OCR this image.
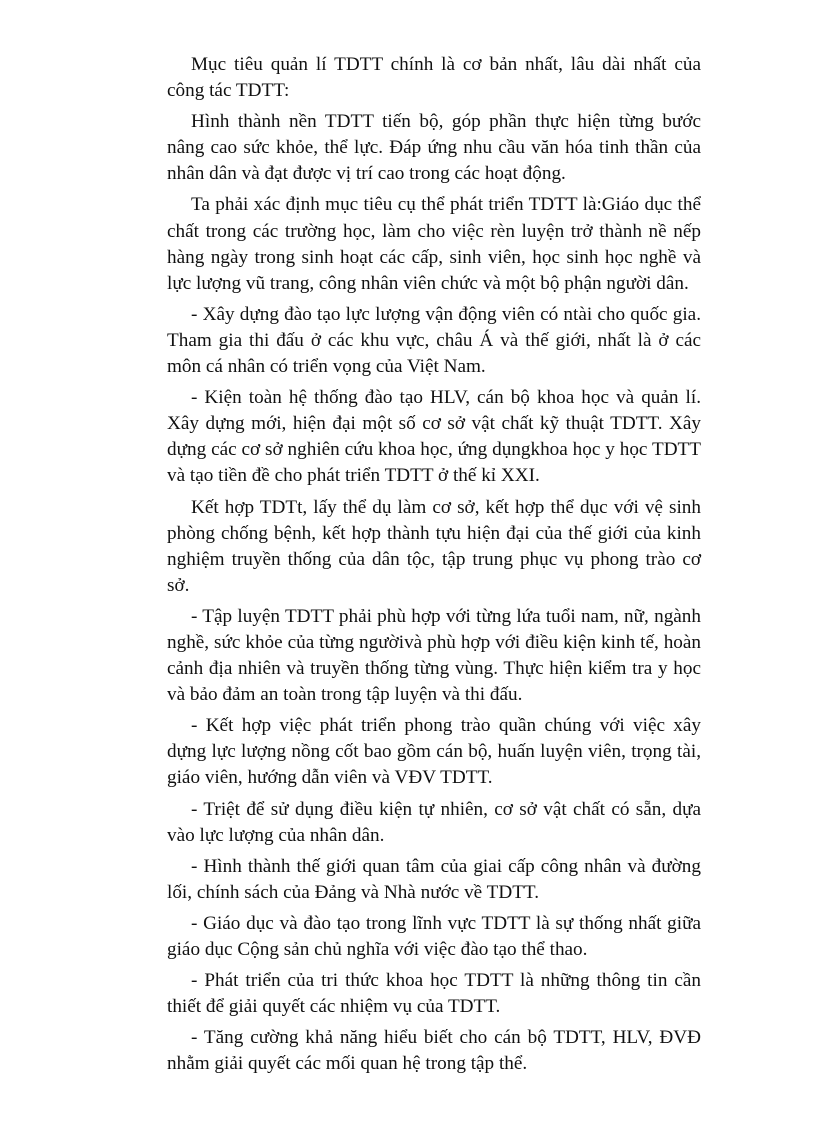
Mục tiêu quản lí TDTT chính là cơ bản nhất, lâu dài nhất của công tác TDTT:

Hình thành nền TDTT tiến bộ, góp phần thực hiện từng bước nâng cao sức khỏe, thể lực. Đáp ứng nhu cầu văn hóa tinh thần của nhân dân và đạt được vị trí cao trong các hoạt động.

Ta phải xác định mục tiêu cụ thể phát triển TDTT là:Giáo dục thể chất trong các trường học, làm cho việc rèn luyện trở thành nề nếp hàng ngày trong sinh hoạt các cấp, sinh viên, học sinh học nghề và lực lượng vũ trang, công nhân viên chức và một bộ phận người dân.

- Xây dựng đào tạo lực lượng vận động viên có ntài cho quốc gia. Tham gia thi đấu ở các khu vực, châu Á và thế giới, nhất là ở các môn cá nhân có triển vọng của Việt Nam.

- Kiện toàn hệ thống đào tạo HLV, cán bộ khoa học và quản lí. Xây dựng mới, hiện đại một số cơ sở vật chất kỹ thuật TDTT. Xây dựng các cơ sở nghiên cứu khoa học, ứng dụngkhoa học y học TDTT và tạo tiền đề cho phát triển TDTT ở thế kỉ XXI.

Kết hợp TDTt, lấy thể dụ làm cơ sở, kết hợp thể dục với vệ sinh phòng chống bệnh, kết hợp thành tựu hiện đại của thế giới của kinh nghiệm truyền thống của dân tộc, tập trung phục vụ phong trào cơ sở.

- Tập luyện TDTT phải phù hợp với từng lứa tuổi nam, nữ, ngành nghề, sức khỏe của từng ngườivà phù hợp với điều kiện kinh tế, hoàn cảnh địa nhiên và truyền thống từng vùng. Thực hiện kiểm tra y học và bảo đảm an toàn trong tập luyện và thi đấu.

- Kết hợp việc phát triển phong trào quần chúng với việc xây dựng lực lượng nồng cốt bao gồm cán bộ, huấn luyện viên, trọng tài, giáo viên, hướng dẫn viên và VĐV TDTT.

- Triệt để sử dụng điều kiện tự nhiên, cơ sở vật chất có sẵn, dựa vào lực lượng của nhân dân.

- Hình thành thế giới quan tâm của giai cấp công nhân và đường lối, chính sách của Đảng và Nhà nước về TDTT.

- Giáo dục và đào tạo trong lĩnh vực TDTT là sự thống nhất giữa giáo dục Cộng sản chủ nghĩa với việc đào tạo thể thao.

- Phát triển của tri thức khoa học TDTT là những thông tin cần thiết để giải quyết các nhiệm vụ của TDTT.

- Tăng cường khả năng hiểu biết cho cán bộ TDTT, HLV, ĐVĐ nhằm giải quyết các mối quan hệ trong tập thể.
